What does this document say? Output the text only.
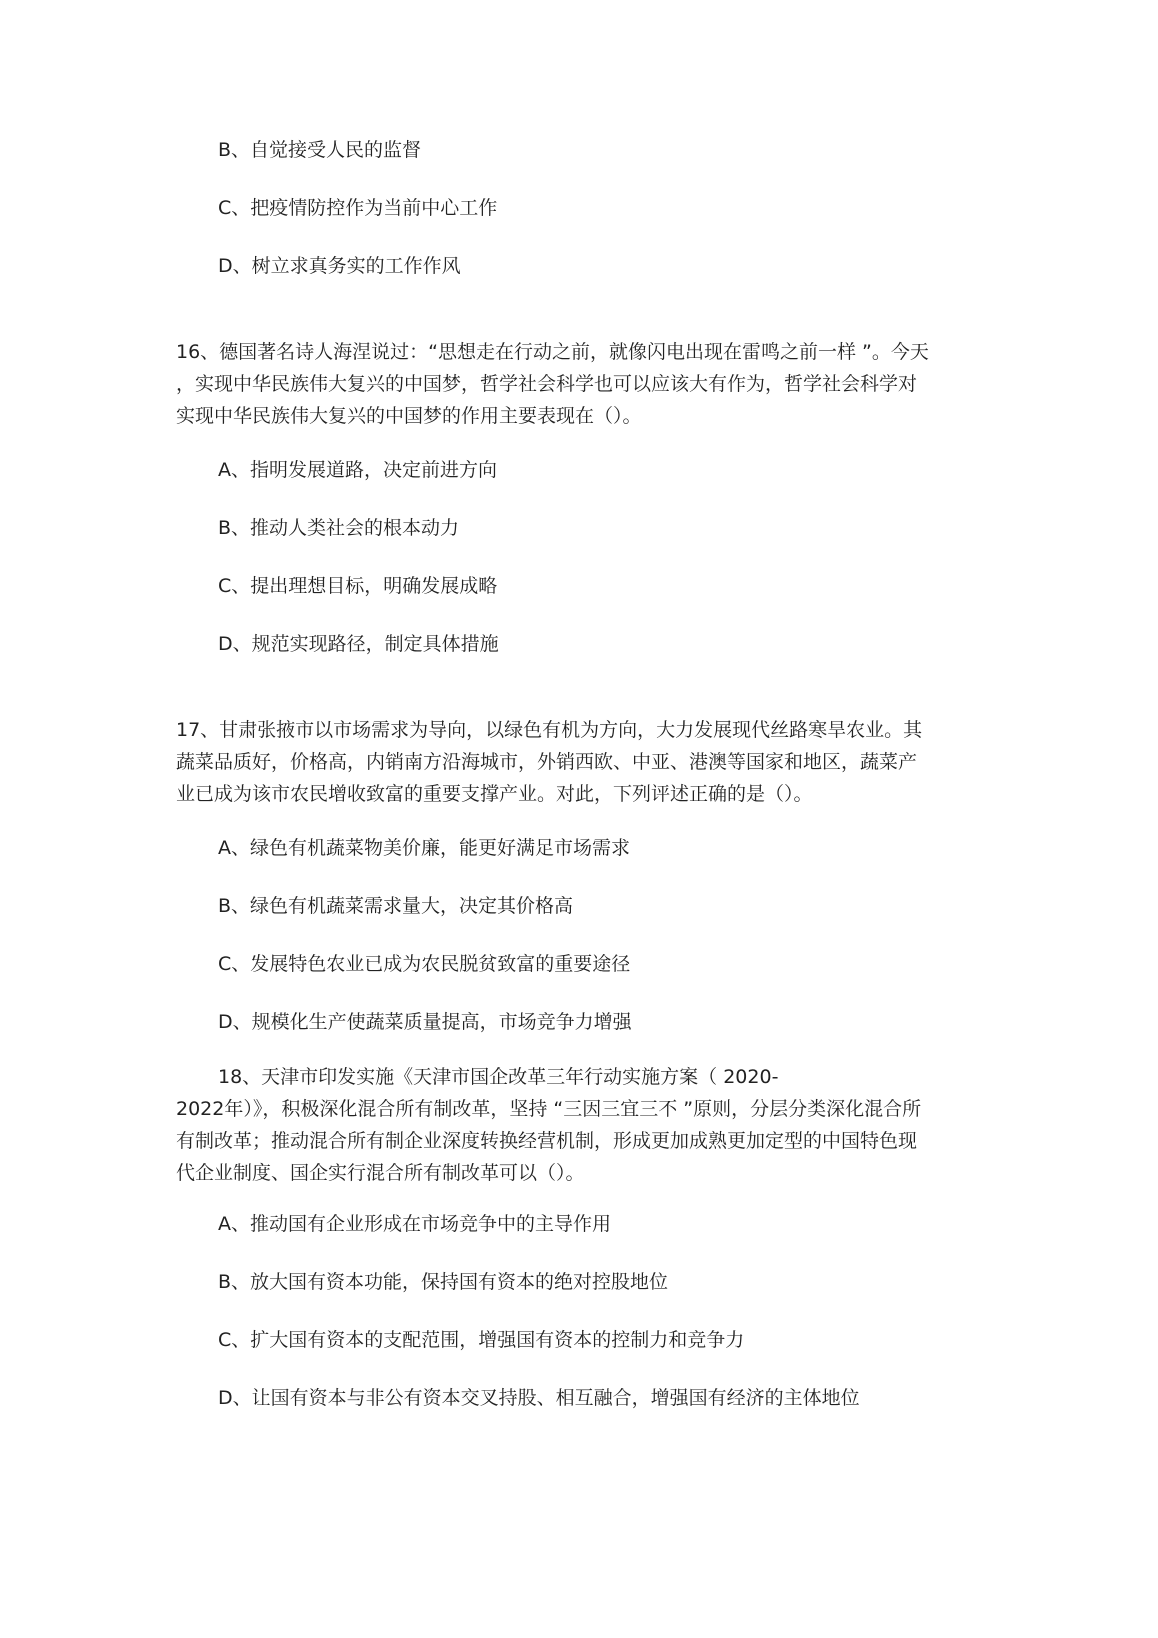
B、自觉接受人民的监督

C、把疫情防控作为当前中心工作

D、树立求真务实的工作作风

16、德国著名诗人海涅说过：“思想走在行动之前，就像闪电出现在雷鸣之前一样 ”。今天
，实现中华民族伟大复兴的中国梦，哲学社会科学也可以应该大有作为，哲学社会科学对
实现中华民族伟大复兴的中国梦的作用主要表现在（）。

A、指明发展道路，决定前进方向

B、推动人类社会的根本动力

C、提出理想目标，明确发展成略

D、规范实现路径，制定具体措施

17、甘肃张掖市以市场需求为导向，以绿色有机为方向，大力发展现代丝路寒旱农业。其
蔬菜品质好，价格高，内销南方沿海城市，外销西欧、中亚、港澳等国家和地区，蔬菜产
业已成为该市农民增收致富的重要支撑产业。对此，下列评述正确的是（）。

A、绿色有机蔬菜物美价廉，能更好满足市场需求

B、绿色有机蔬菜需求量大，决定其价格高

C、发展特色农业已成为农民脱贫致富的重要途径

D、规模化生产使蔬菜质量提高，市场竞争力增强

18、天津市印发实施《天津市国企改革三年行动实施方案（ 2020-
2022年）》，积极深化混合所有制改革，坚持 “三因三宜三不 ”原则，分层分类深化混合所
有制改革；推动混合所有制企业深度转换经营机制，形成更加成熟更加定型的中国特色现
代企业制度、国企实行混合所有制改革可以（）。

A、推动国有企业形成在市场竞争中的主导作用

B、放大国有资本功能，保持国有资本的绝对控股地位

C、扩大国有资本的支配范围，增强国有资本的控制力和竞争力

D、让国有资本与非公有资本交叉持股、相互融合，增强国有经济的主体地位
